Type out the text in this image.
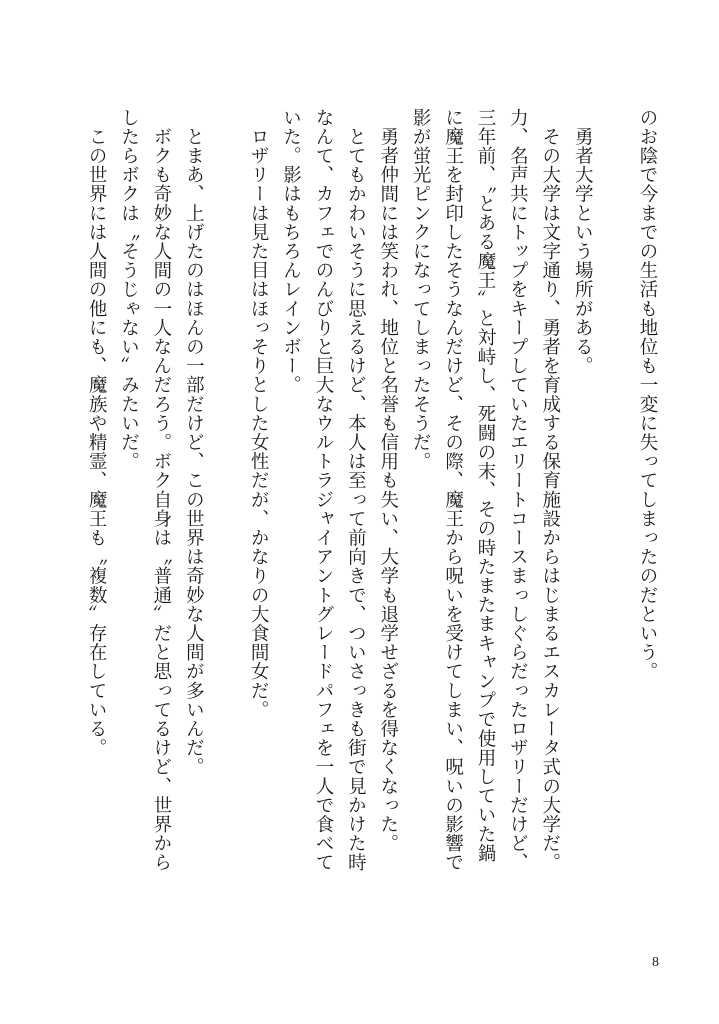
のお陰で今までの生活も地位も一変に失ってしまったのだという。

　勇者大学という場所がある。
　その大学は文字通り、勇者を育成する保育施設からはじまるエスカレータ式の大学だ。
力、名声共にトップをキープしていたエリートコースまっしぐらだったロザリーだけど、
三年前、〝とある魔王〟と対峙し、死闘の末、その時たまたまキャンプで使用していた鍋
に魔王を封印したそうなんだけど、その際、魔王から呪いを受けてしまい、呪いの影響で
影が蛍光ピンクになってしまったそうだ。
　勇者仲間には笑われ、地位と名誉も信用も失い、大学も退学せざるを得なくなった。
　とてもかわいそうに思えるけど、本人は至って前向きで、ついさっきも街で見かけた時
なんて、カフェでのんびりと巨大なウルトラジャイアントグレードパフェを一人で食べて
いた。影はもちろんレインボー。
　ロザリーは見た目はほっそりとした女性だが、かなりの大食間女だ。

　とまあ、上げたのはほんの一部だけど、この世界は奇妙な人間が多いんだ。
　ボクも奇妙な人間の一人なんだろう。ボク自身は〝普通〟だと思ってるけど、世界から
したらボクは〝そうじゃない〟みたいだ。
　この世界には人間の他にも、魔族や精霊、魔王も〝複数〟存在している。
8
